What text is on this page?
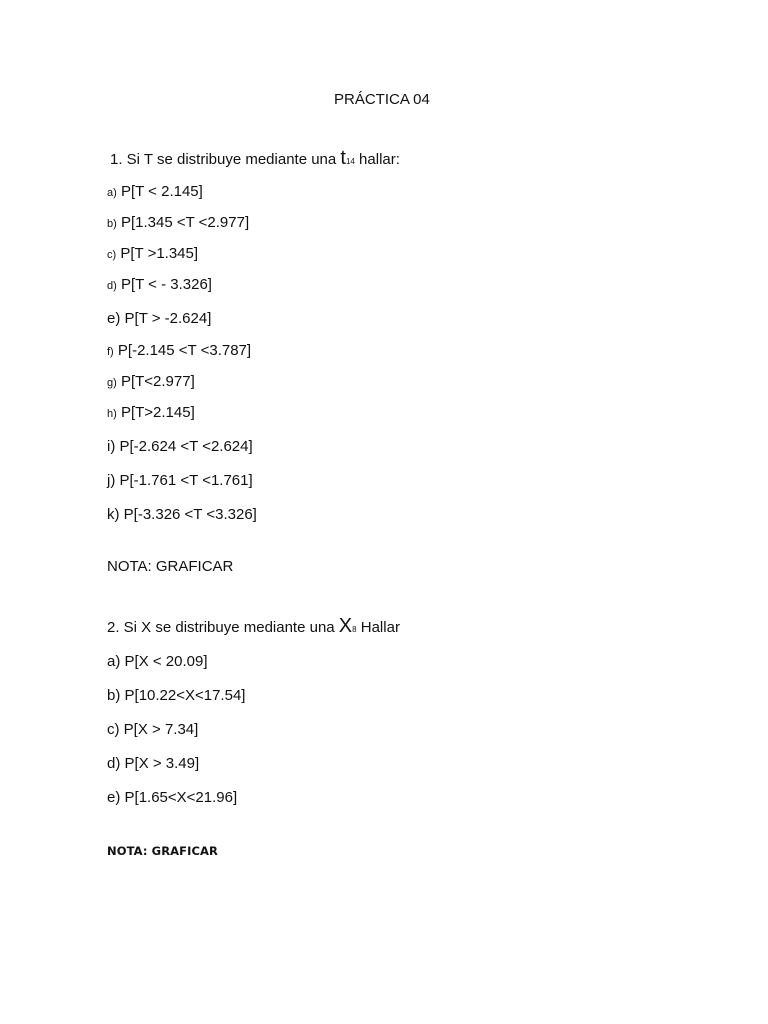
PRÁCTICA 04
1. Si T se distribuye mediante una t14 hallar:
a) P[T < 2.145]
b) P[1.345 <T <2.977]
c) P[T >1.345]
d) P[T < - 3.326]
e) P[T > -2.624]
f) P[-2.145 <T <3.787]
g) P[T<2.977]
h) P[T>2.145]
i) P[-2.624 <T <2.624]
j) P[-1.761 <T <1.761]
k) P[-3.326 <T <3.326]
NOTA: GRAFICAR
2. Si X se distribuye mediante una X8 Hallar
a) P[X < 20.09]
b) P[10.22<X<17.54]
c) P[X > 7.34]
d) P[X > 3.49]
e) P[1.65<X<21.96]
NOTA: GRAFICAR
